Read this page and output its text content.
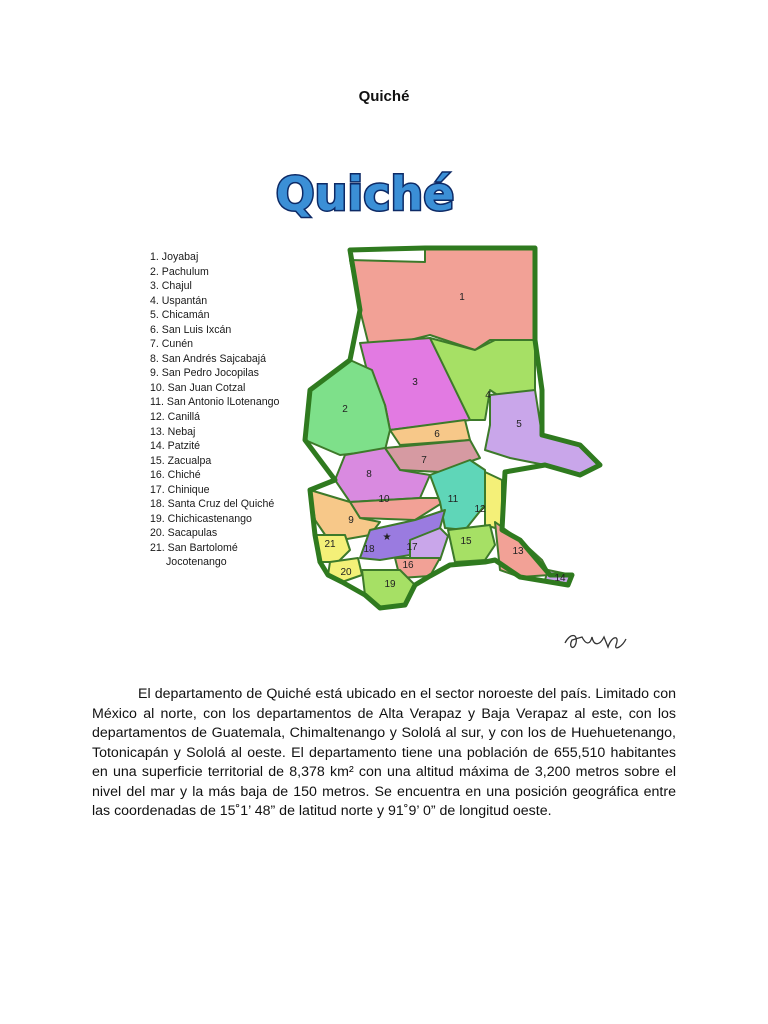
Quiché
Quiché
1. Joyabaj
2. Pachulum
3. Chajul
4. Uspantán
5. Chicamán
6. San Luis Ixcán
7. Cunén
8. San Andrés Sajcabajá
9. San Pedro Jocopilas
10. San Juan Cotzal
11. San Antonio lLotenango
12. Canillá
13. Nebaj
14. Patzité
15. Zacualpa
16. Chiché
17. Chinique
18. Santa Cruz del Quiché
19. Chichicastenango
20. Sacapulas
21. San Bartolomé
Jocotenango
1
2
3
4
5
6
7
8
9
10	11
12
13
14
15
16
17
18
19
20
21
★

El departamento de Quiché está ubicado en el sector noroeste del país. Limitado con México al norte, con los departamentos de Alta Verapaz y Baja Verapaz al este, con los departamentos de Guatemala, Chimaltenango y Sololá al sur, y con los de Huehuetenango, Totonicapán y Sololá al oeste. El departamento tiene una población de 655,510 habitantes en una superficie territorial de 8,378 km² con una altitud máxima de 3,200 metros sobre el nivel del mar y la más baja de 150 metros. Se encuentra en una posición geográfica entre las coordenadas de 15˚1’ 48” de latitud norte y 91˚9’ 0” de longitud oeste.
